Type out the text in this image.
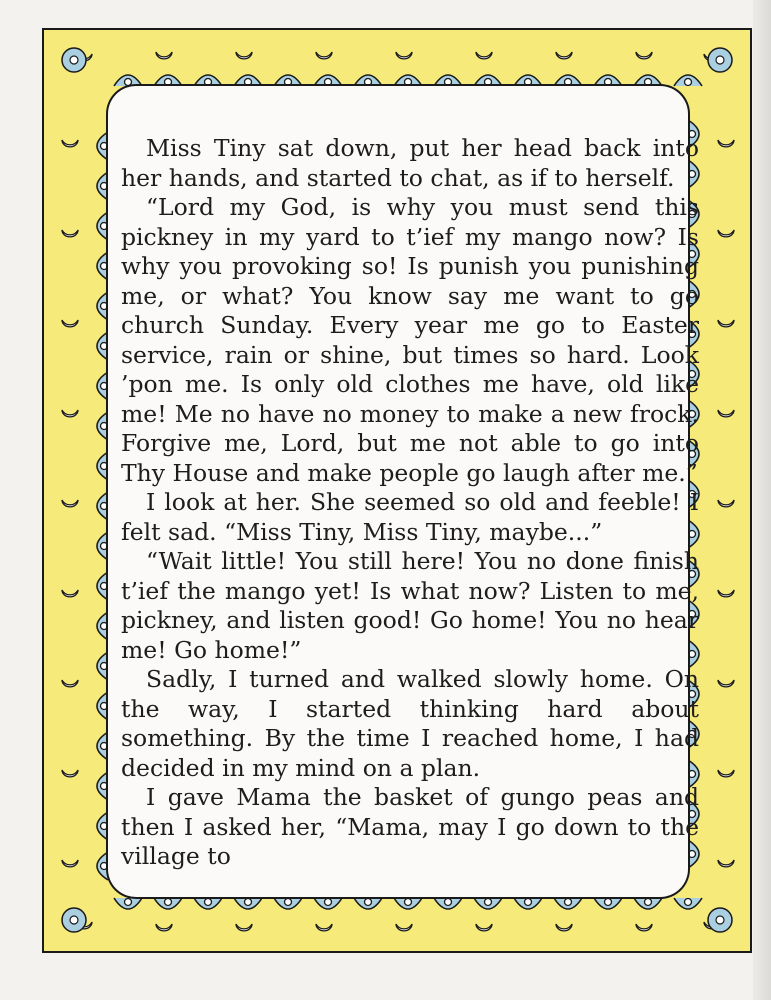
Miss Tiny sat down, put her head back into her hands, and started to chat, as if to herself.

“Lord my God, is why you must send this pickney in my yard to t’ief my mango now? Is why you provoking so! Is punish you punishing me, or what? You know say me want to go church Sunday. Every year me go to Easter service, rain or shine, but times so hard. Look ’pon me. Is only old clothes me have, old like me! Me no have no money to make a new frock. Forgive me, Lord, but me not able to go into Thy House and make people go laugh after me.”

I look at her. She seemed so old and feeble! I felt sad. “Miss Tiny, Miss Tiny, maybe...”

“Wait little! You still here! You no done finish t’ief the mango yet! Is what now? Listen to me, pickney, and listen good! Go home! You no hear me! Go home!”

Sadly, I turned and walked slowly home. On the way, I started thinking hard about something. By the time I reached home, I had decided in my mind on a plan.

I gave Mama the basket of gungo peas and then I asked her, “Mama, may I go down to the village to
